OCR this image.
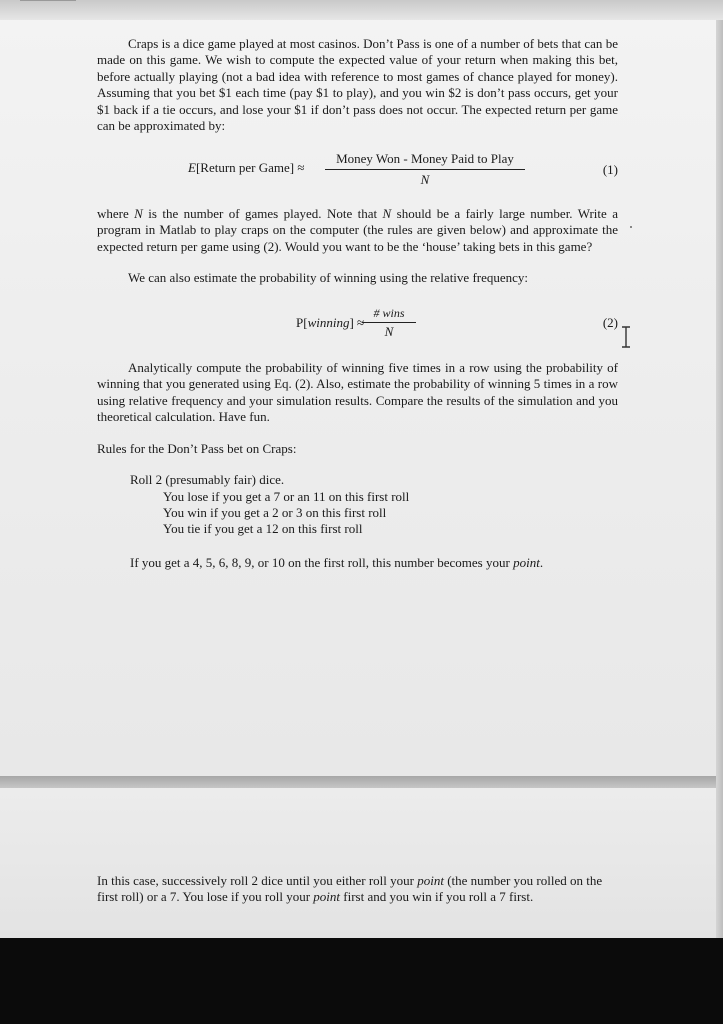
Craps is a dice game played at most casinos. Don’t Pass is one of a number of bets that can be made on this game. We wish to compute the expected value of your return when making this bet, before actually playing (not a bad idea with reference to most games of chance played for money). Assuming that you bet $1 each time (pay $1 to play), and you win $2 is don’t pass occurs, get your $1 back if a tie occurs, and lose your $1 if don’t pass does not occur. The expected return per game can be approximated by:
E[Return per Game] ≈
Money Won - Money Paid to Play
N
(1)
where N is the number of games played. Note that N should be a fairly large number. Write a program in Matlab to play craps on the computer (the rules are given below) and approximate the expected return per game using (2). Would you want to be the ‘house’ taking bets in this game?
We can also estimate the probability of winning using the relative frequency:
P[winning] ≈
# wins
N
(2)
Analytically compute the probability of winning five times in a row using the probability of winning that you generated using Eq. (2). Also, estimate the probability of winning 5 times in a row using relative frequency and your simulation results. Compare the results of the simulation and you theoretical calculation. Have fun.
Rules for the Don’t Pass bet on Craps:
Roll 2 (presumably fair) dice.
You lose if you get a 7 or an 11 on this first roll
You win if you get a 2 or 3 on this first roll
You tie if you get a 12 on this first roll
If you get a 4, 5, 6, 8, 9, or 10 on the first roll, this number becomes your point.
In this case, successively roll 2 dice until you either roll your point (the number you rolled on the first roll) or a 7. You lose if you roll your point first and you win if you roll a 7 first.
